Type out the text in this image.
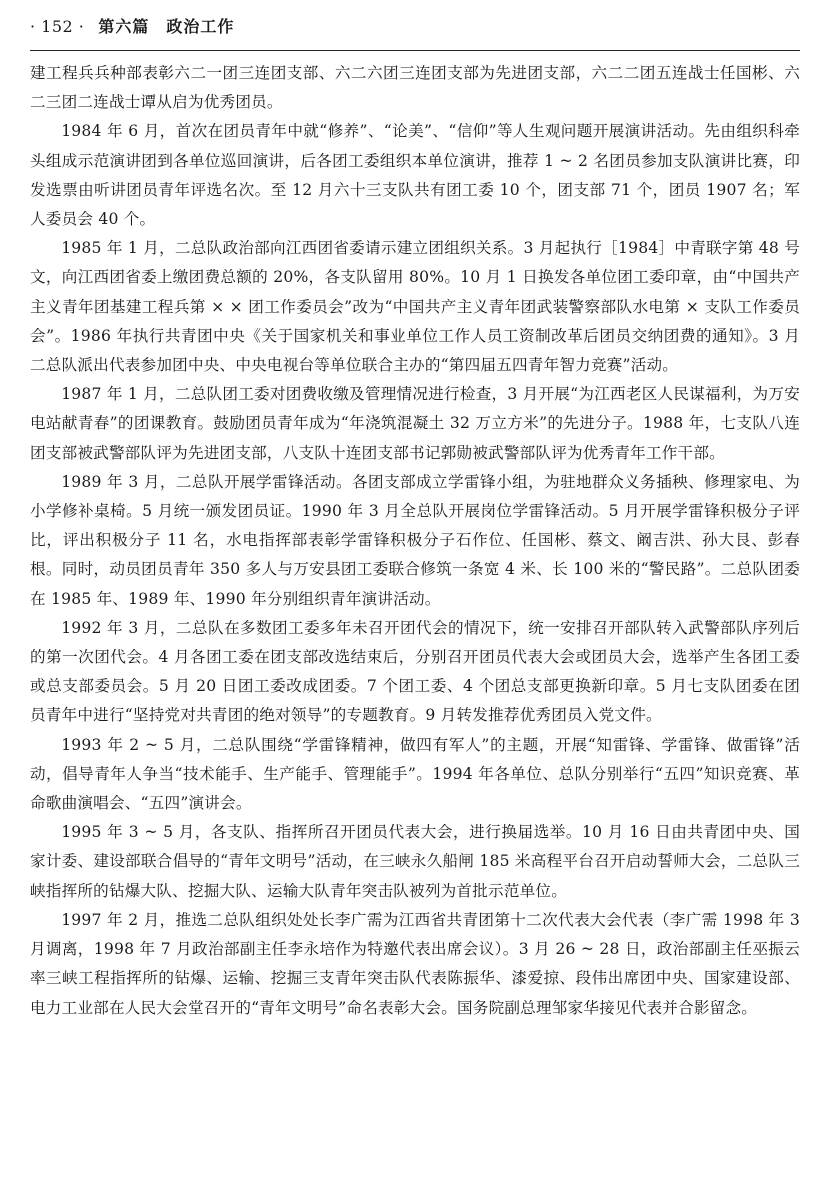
· 152 · 第六篇　政治工作

建工程兵兵种部表彰六二一团三连团支部、六二六团三连团支部为先进团支部，六二二团五连战士任国彬、六二三团二连战士谭从启为优秀团员。

1984 年 6 月，首次在团员青年中就“修养”、“论美”、“信仰”等人生观问题开展演讲活动。先由组织科牵头组成示范演讲团到各单位巡回演讲，后各团工委组织本单位演讲，推荐 1 ~ 2 名团员参加支队演讲比赛，印发选票由听讲团员青年评选名次。至 12 月六十三支队共有团工委 10 个，团支部 71 个，团员 1907 名；军人委员会 40 个。

1985 年 1 月，二总队政治部向江西团省委请示建立团组织关系。3 月起执行［1984］中青联字第 48 号文，向江西团省委上缴团费总额的 20%，各支队留用 80%。10 月 1 日换发各单位团工委印章，由“中国共产主义青年团基建工程兵第 × × 团工作委员会”改为“中国共产主义青年团武装警察部队水电第 × 支队工作委员会”。1986 年执行共青团中央《关于国家机关和事业单位工作人员工资制改革后团员交纳团费的通知》。3 月二总队派出代表参加团中央、中央电视台等单位联合主办的“第四届五四青年智力竞赛”活动。

1987 年 1 月，二总队团工委对团费收缴及管理情况进行检查，3 月开展“为江西老区人民谋福利，为万安电站献青春”的团课教育。鼓励团员青年成为“年浇筑混凝土 32 万立方米”的先进分子。1988 年，七支队八连团支部被武警部队评为先进团支部，八支队十连团支部书记郭勋被武警部队评为优秀青年工作干部。

1989 年 3 月，二总队开展学雷锋活动。各团支部成立学雷锋小组，为驻地群众义务插秧、修理家电、为小学修补桌椅。5 月统一颁发团员证。1990 年 3 月全总队开展岗位学雷锋活动。5 月开展学雷锋积极分子评比，评出积极分子 11 名，水电指挥部表彰学雷锋积极分子石作位、任国彬、蔡文、阚吉洪、孙大艮、彭春根。同时，动员团员青年 350 多人与万安县团工委联合修筑一条宽 4 米、长 100 米的“警民路”。二总队团委在 1985 年、1989 年、1990 年分别组织青年演讲活动。

1992 年 3 月，二总队在多数团工委多年未召开团代会的情况下，统一安排召开部队转入武警部队序列后的第一次团代会。4 月各团工委在团支部改选结束后，分别召开团员代表大会或团员大会，选举产生各团工委或总支部委员会。5 月 20 日团工委改成团委。7 个团工委、4 个团总支部更换新印章。5 月七支队团委在团员青年中进行“坚持党对共青团的绝对领导”的专题教育。9 月转发推荐优秀团员入党文件。

1993 年 2 ~ 5 月，二总队围绕“学雷锋精神，做四有军人”的主题，开展“知雷锋、学雷锋、做雷锋”活动，倡导青年人争当“技术能手、生产能手、管理能手”。1994 年各单位、总队分别举行“五四”知识竞赛、革命歌曲演唱会、“五四”演讲会。

1995 年 3 ~ 5 月，各支队、指挥所召开团员代表大会，进行换届选举。10 月 16 日由共青团中央、国家计委、建设部联合倡导的“青年文明号”活动，在三峡永久船闸 185 米高程平台召开启动誓师大会，二总队三峡指挥所的钻爆大队、挖掘大队、运输大队青年突击队被列为首批示范单位。

1997 年 2 月，推选二总队组织处处长李广需为江西省共青团第十二次代表大会代表（李广需 1998 年 3 月调离，1998 年 7 月政治部副主任李永培作为特邀代表出席会议）。3 月 26 ~ 28 日，政治部副主任巫振云率三峡工程指挥所的钻爆、运输、挖掘三支青年突击队代表陈振华、漆爱掠、段伟出席团中央、国家建设部、电力工业部在人民大会堂召开的“青年文明号”命名表彰大会。国务院副总理邹家华接见代表并合影留念。
